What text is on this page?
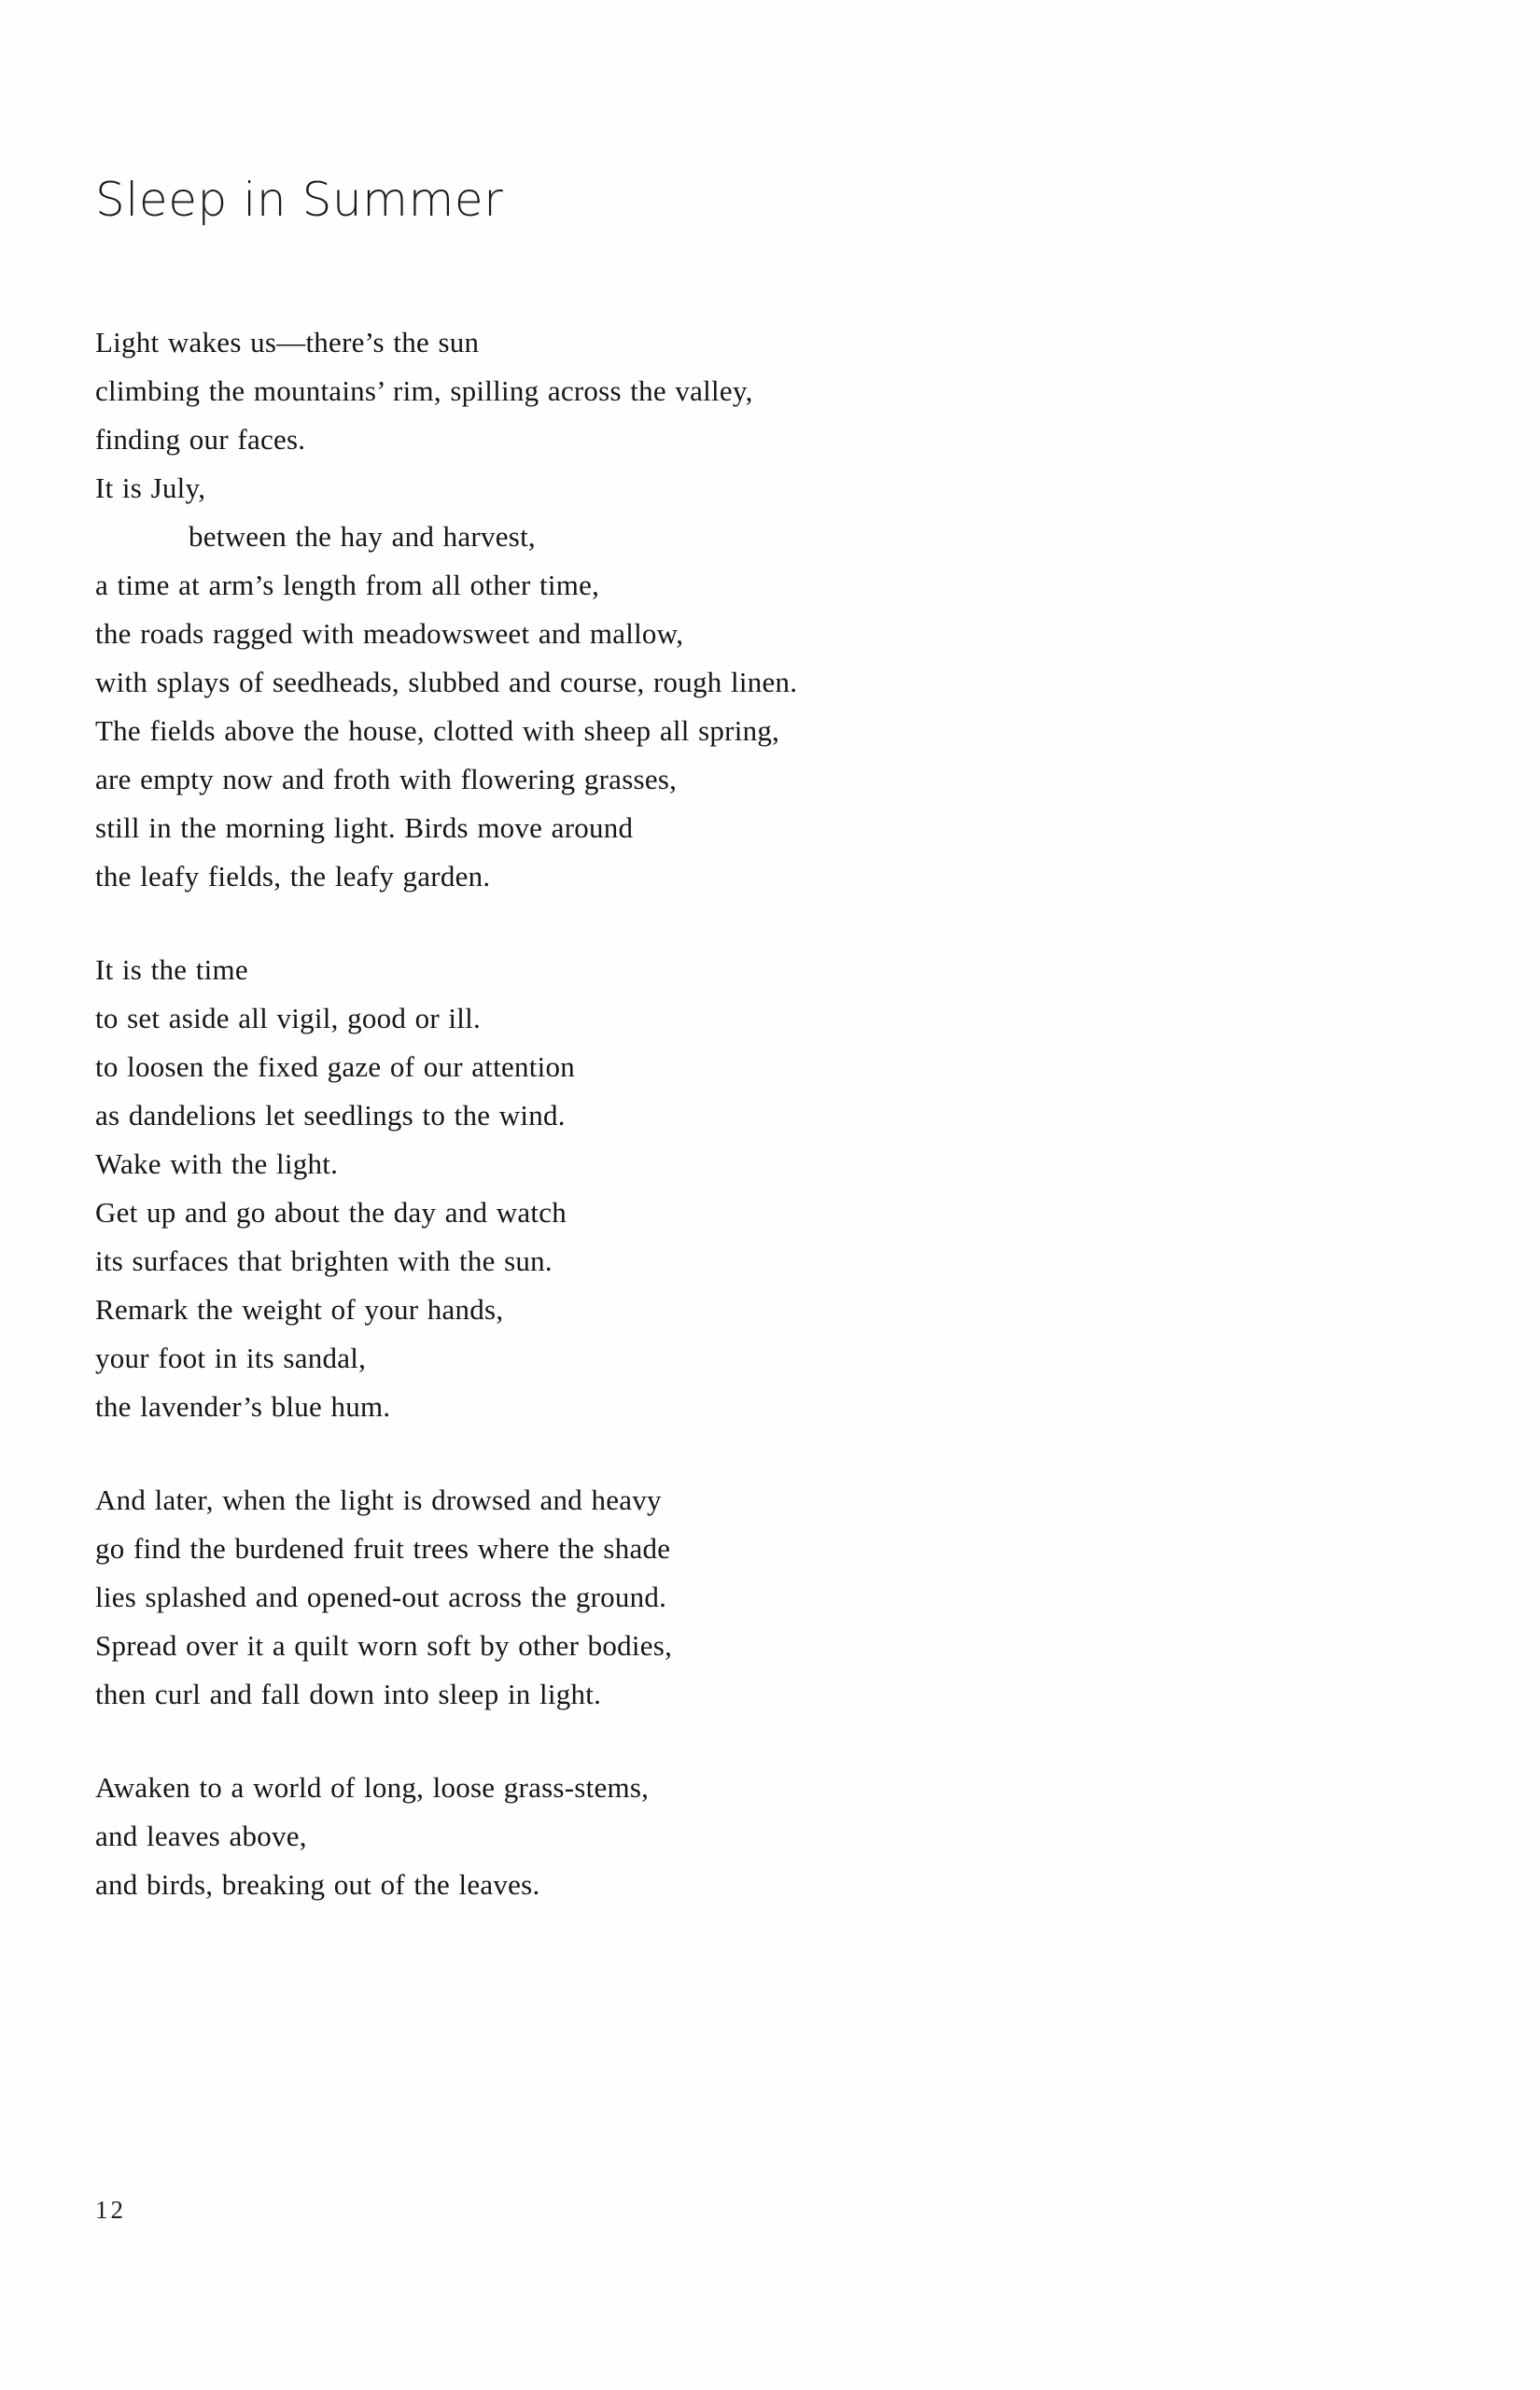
Sleep in Summer
Light wakes us—there’s the sun
climbing the mountains’ rim, spilling across the valley,
finding our faces.
It is July,
between the hay and harvest,
a time at arm’s length from all other time,
the roads ragged with meadowsweet and mallow,
with splays of seedheads, slubbed and course, rough linen.
The fields above the house, clotted with sheep all spring,
are empty now and froth with flowering grasses,
still in the morning light. Birds move around
the leafy fields, the leafy garden.
It is the time
to set aside all vigil, good or ill.
to loosen the fixed gaze of our attention
as dandelions let seedlings to the wind.
Wake with the light.
Get up and go about the day and watch
its surfaces that brighten with the sun.
Remark the weight of your hands,
your foot in its sandal,
the lavender’s blue hum.
And later, when the light is drowsed and heavy
go find the burdened fruit trees where the shade
lies splashed and opened-out across the ground.
Spread over it a quilt worn soft by other bodies,
then curl and fall down into sleep in light.
Awaken to a world of long, loose grass-stems,
and leaves above,
and birds, breaking out of the leaves.
12
